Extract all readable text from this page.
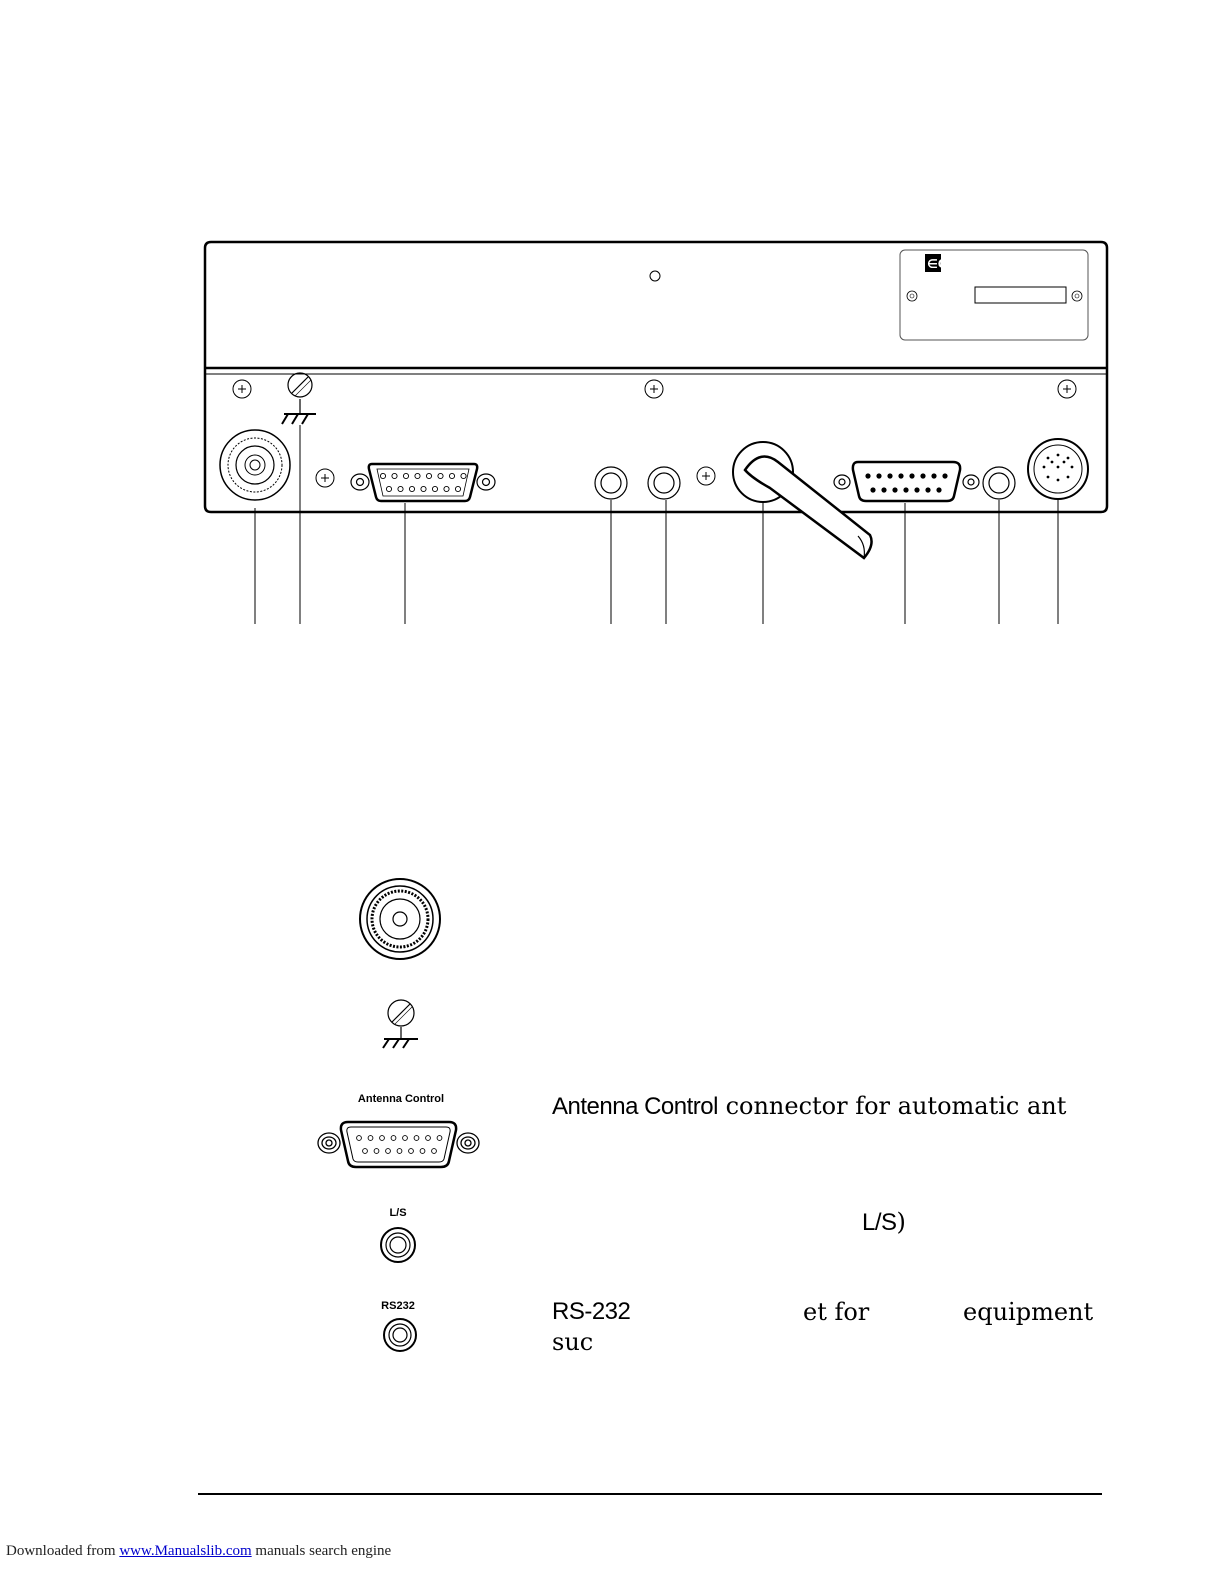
∈C
Antenna Control
L/S
RS232
Antenna Control connector for automatic ant
L/S)
RS-232	et for	equipment
suc
Downloaded from www.Manualslib.com manuals search engine
